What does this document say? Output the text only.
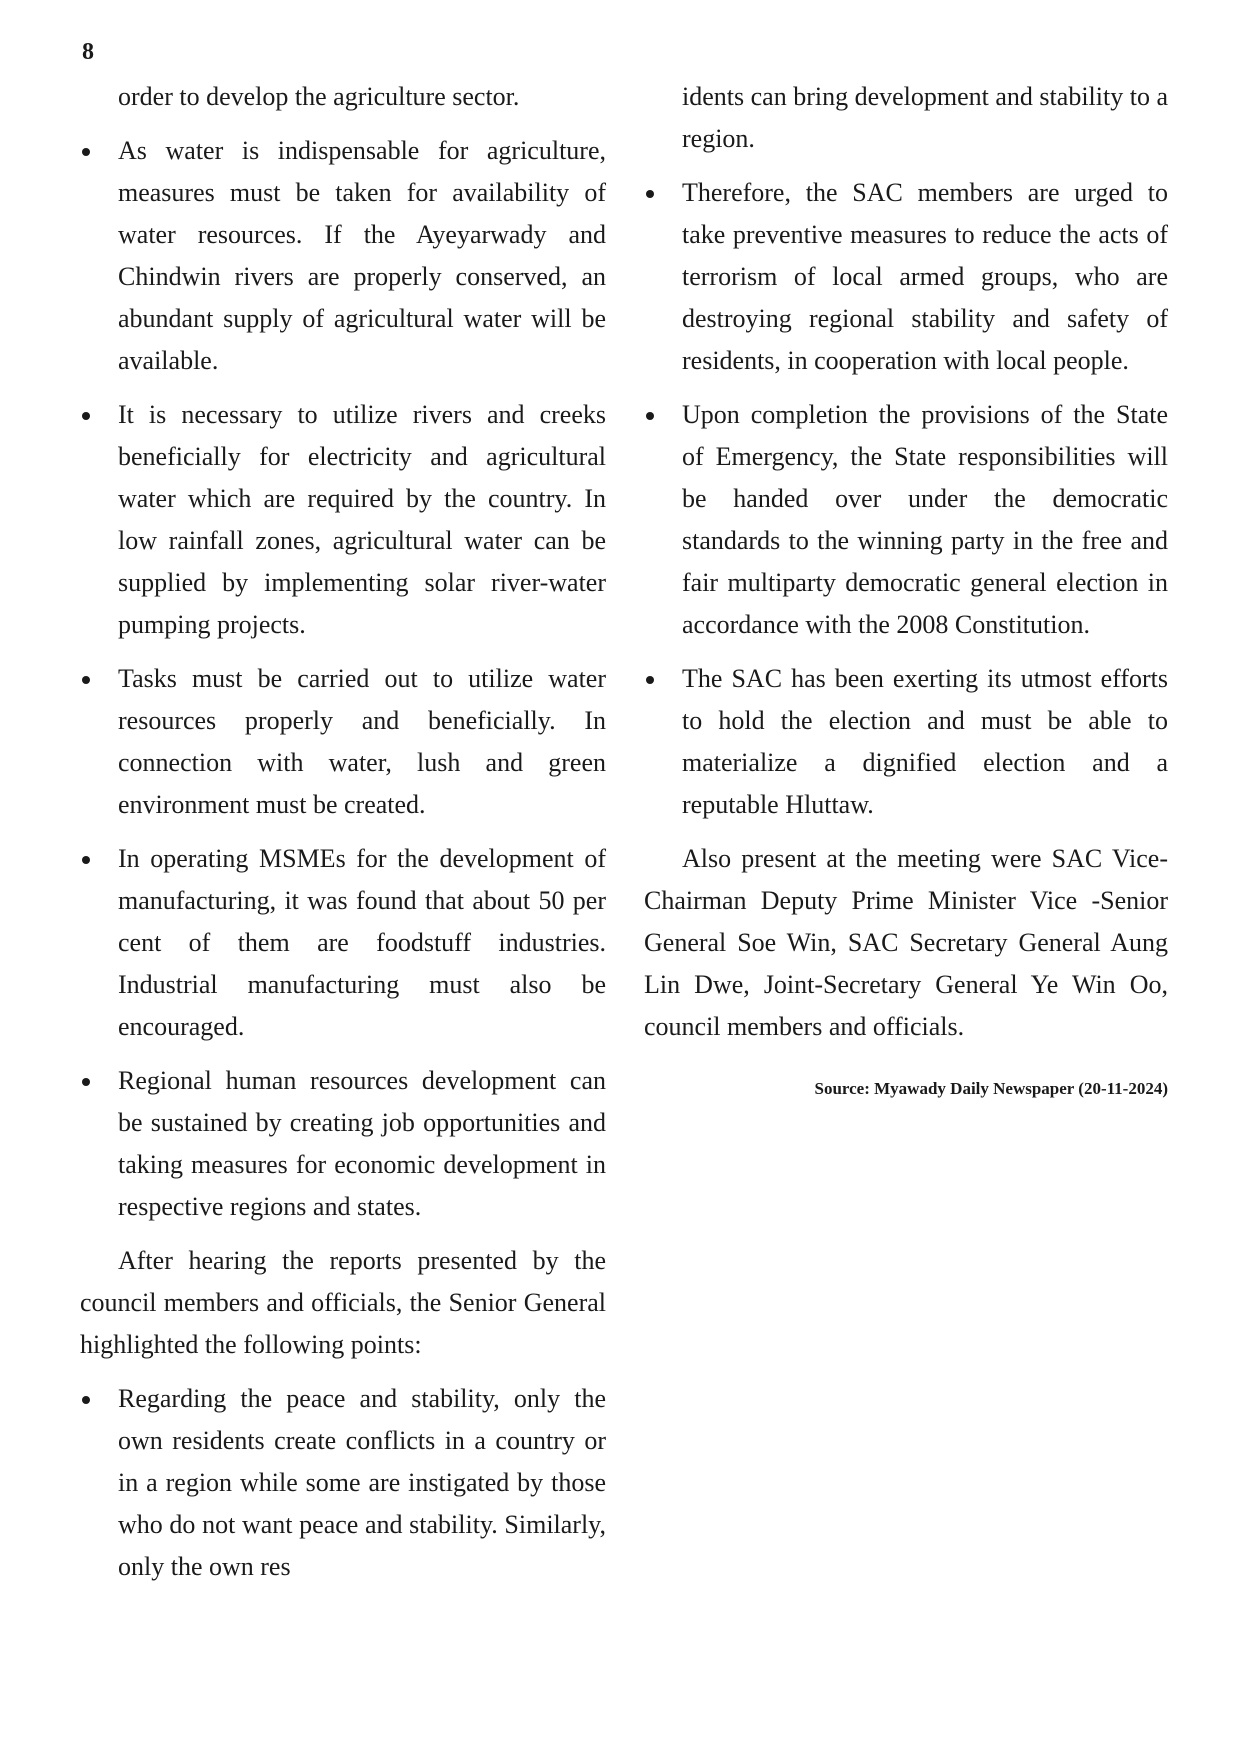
8

order to develop the agriculture sector.

As water is indispensable for agriculture, measures must be taken for availability of water resources. If the Ayeyarwady and Chindwin rivers are properly conserved, an abundant supply of agricultural water will be available.
It is necessary to utilize rivers and creeks beneficially for electricity and agricultural water which are required by the country. In low rainfall zones, agricultural water can be supplied by implementing solar river-water pumping projects.
Tasks must be carried out to utilize water resources properly and beneficially. In connection with water, lush and green environment must be created.
In operating MSMEs for the development of manufacturing, it was found that about 50 per cent of them are foodstuff industries. Industrial manufacturing must also be encouraged.
Regional human resources development can be sustained by creating job opportunities and taking measures for economic development in respective regions and states.

After hearing the reports presented by the council members and officials, the Senior General highlighted the following points:

Regarding the peace and stability, only the own residents create conflicts in a country or in a region while some are instigated by those who do not want peace and stability. Similarly, only the own res

idents can bring development and stability to a region.

Therefore, the SAC members are urged to take preventive measures to reduce the acts of terrorism of local armed groups, who are destroying regional stability and safety of residents, in cooperation with local people.
Upon completion the provisions of the State of Emergency, the State responsibilities will be handed over under the democratic standards to the winning party in the free and fair multiparty democratic general election in accordance with the 2008 Constitution.
The SAC has been exerting its utmost efforts to hold the election and must be able to materialize a dignified election and a reputable Hluttaw.

Also present at the meeting were SAC Vice-Chairman Deputy Prime Minister Vice -Senior General Soe Win, SAC Secretary General Aung Lin Dwe, Joint-Secretary General Ye Win Oo, council members and officials.

Source: Myawady Daily Newspaper (20-11-2024)
